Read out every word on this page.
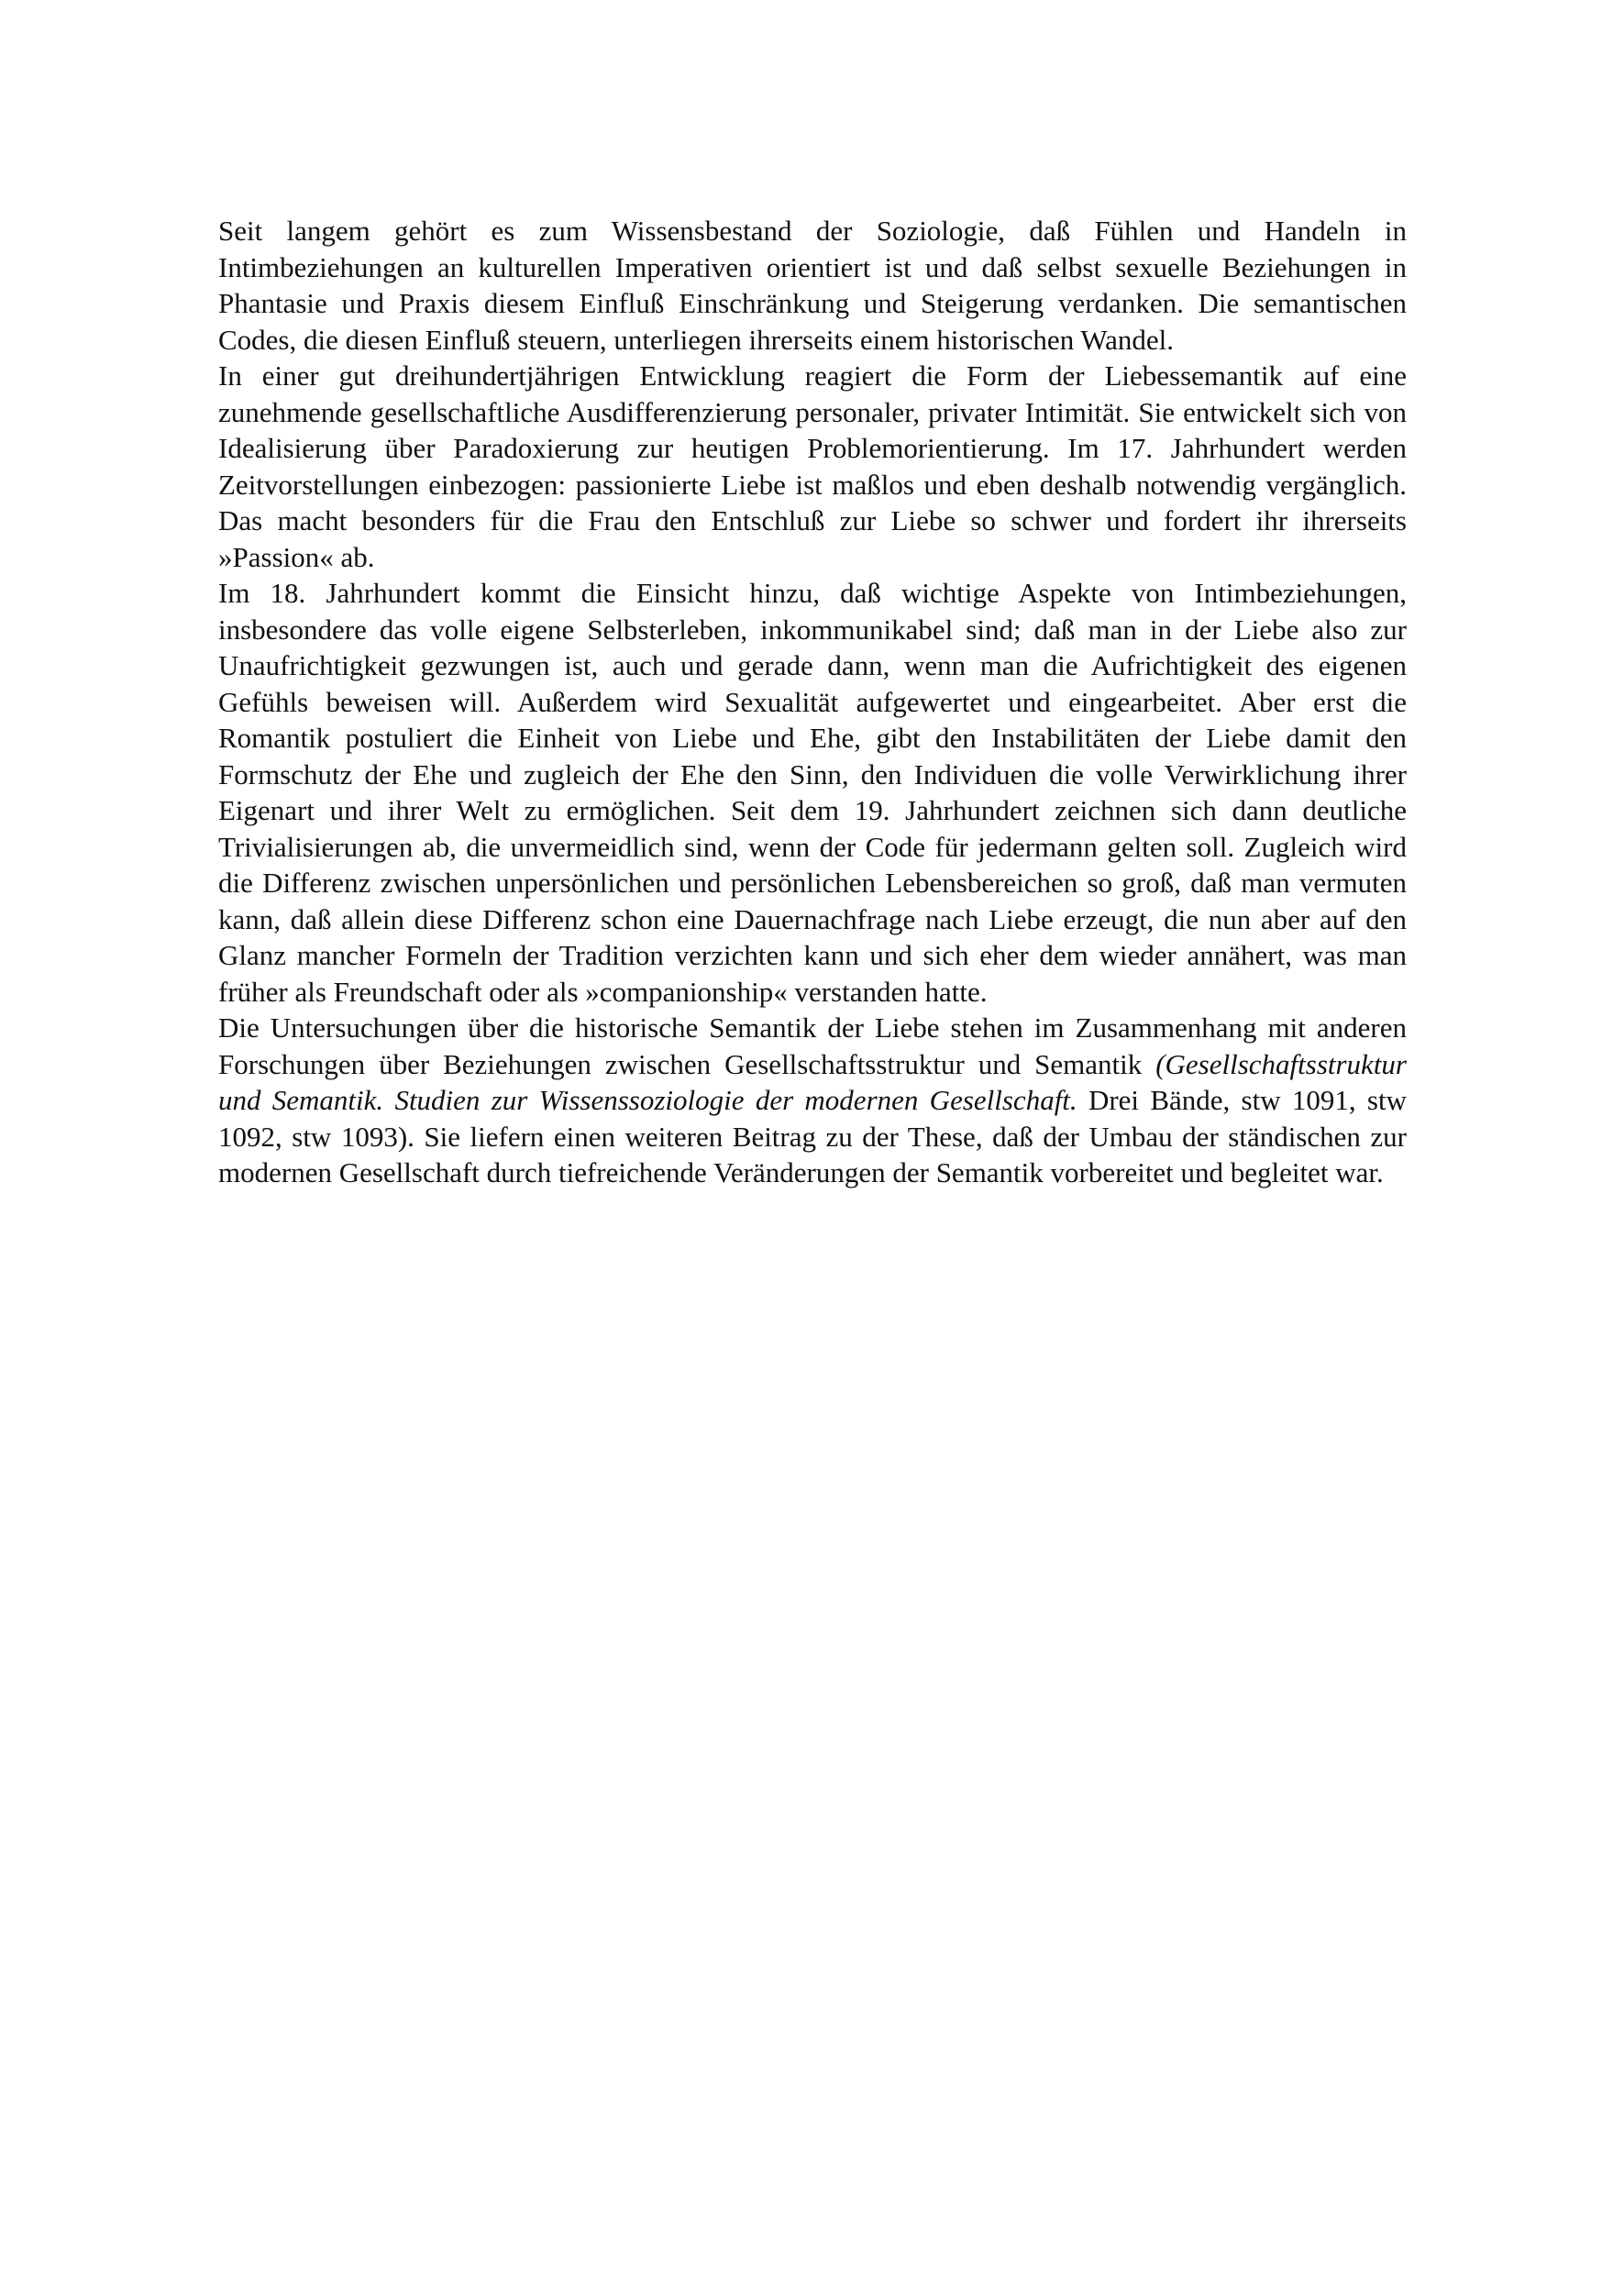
Seit langem gehört es zum Wissensbestand der Soziologie, daß Fühlen und Handeln in Intimbeziehungen an kulturellen Imperativen orientiert ist und daß selbst sexuelle Beziehungen in Phantasie und Praxis diesem Einfluß Einschränkung und Steigerung verdanken. Die semantischen Codes, die diesen Einfluß steuern, unterliegen ihrerseits einem historischen Wandel.

In einer gut dreihundertjährigen Entwicklung reagiert die Form der Liebessemantik auf eine zunehmende gesellschaftliche Ausdifferenzierung personaler, privater Intimität. Sie entwickelt sich von Idealisierung über Paradoxierung zur heutigen Problemorientierung. Im 17. Jahrhundert werden Zeitvorstellungen einbezogen: passionierte Liebe ist maßlos und eben deshalb notwendig vergänglich. Das macht besonders für die Frau den Entschluß zur Liebe so schwer und fordert ihr ihrerseits »Passion« ab.

Im 18. Jahrhundert kommt die Einsicht hinzu, daß wichtige Aspekte von Intimbeziehungen, insbesondere das volle eigene Selbsterleben, inkommunikabel sind; daß man in der Liebe also zur Unaufrichtigkeit gezwungen ist, auch und gerade dann, wenn man die Aufrichtigkeit des eigenen Gefühls beweisen will. Außerdem wird Sexualität aufgewertet und eingearbeitet. Aber erst die Romantik postuliert die Einheit von Liebe und Ehe, gibt den Instabilitäten der Liebe damit den Formschutz der Ehe und zugleich der Ehe den Sinn, den Individuen die volle Verwirklichung ihrer Eigenart und ihrer Welt zu ermöglichen. Seit dem 19. Jahrhundert zeichnen sich dann deutliche Trivialisierungen ab, die unvermeidlich sind, wenn der Code für jedermann gelten soll. Zugleich wird die Differenz zwischen unpersönlichen und persönlichen Lebensbereichen so groß, daß man vermuten kann, daß allein diese Differenz schon eine Dauernachfrage nach Liebe erzeugt, die nun aber auf den Glanz mancher Formeln der Tradition verzichten kann und sich eher dem wieder annähert, was man früher als Freundschaft oder als »companionship« verstanden hatte.

Die Untersuchungen über die historische Semantik der Liebe stehen im Zusammenhang mit anderen Forschungen über Beziehungen zwischen Gesellschaftsstruktur und Semantik (Gesellschaftsstruktur und Semantik. Studien zur Wissenssoziologie der modernen Gesellschaft. Drei Bände, stw 1091, stw 1092, stw 1093). Sie liefern einen weiteren Beitrag zu der These, daß der Umbau der ständischen zur modernen Gesellschaft durch tiefreichende Veränderungen der Semantik vorbereitet und begleitet war.
